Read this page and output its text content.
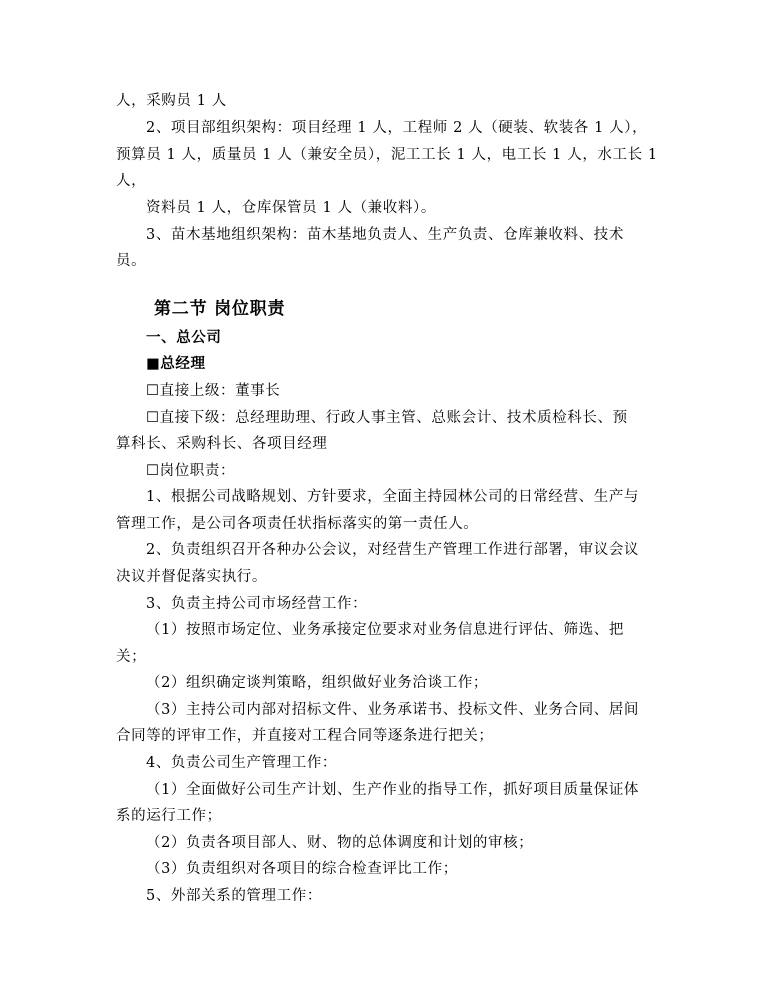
人，采购员 1 人
2、项目部组织架构：项目经理 1 人，工程师 2 人（硬装、软装各 1 人），
预算员 1 人，质量员 1 人（兼安全员），泥工工长 1 人，电工长 1 人，水工长 1
人，
资料员 1 人，仓库保管员 1 人（兼收料）。
3、苗木基地组织架构：苗木基地负责人、生产负责、仓库兼收料、技术
员。
第二节 岗位职责
一、总公司
■总经理
☐直接上级：董事长
☐直接下级：总经理助理、行政人事主管、总账会计、技术质检科长、预
算科长、采购科长、各项目经理
☐岗位职责：
1、根据公司战略规划、方针要求，全面主持园林公司的日常经营、生产与
管理工作，是公司各项责任状指标落实的第一责任人。
2、负责组织召开各种办公会议，对经营生产管理工作进行部署，审议会议
决议并督促落实执行。
3、负责主持公司市场经营工作：
（1）按照市场定位、业务承接定位要求对业务信息进行评估、筛选、把
关；
（2）组织确定谈判策略，组织做好业务洽谈工作；
（3）主持公司内部对招标文件、业务承诺书、投标文件、业务合同、居间
合同等的评审工作，并直接对工程合同等逐条进行把关；
4、负责公司生产管理工作：
（1）全面做好公司生产计划、生产作业的指导工作，抓好项目质量保证体
系的运行工作；
（2）负责各项目部人、财、物的总体调度和计划的审核；
（3）负责组织对各项目的综合检查评比工作；
5、外部关系的管理工作：
